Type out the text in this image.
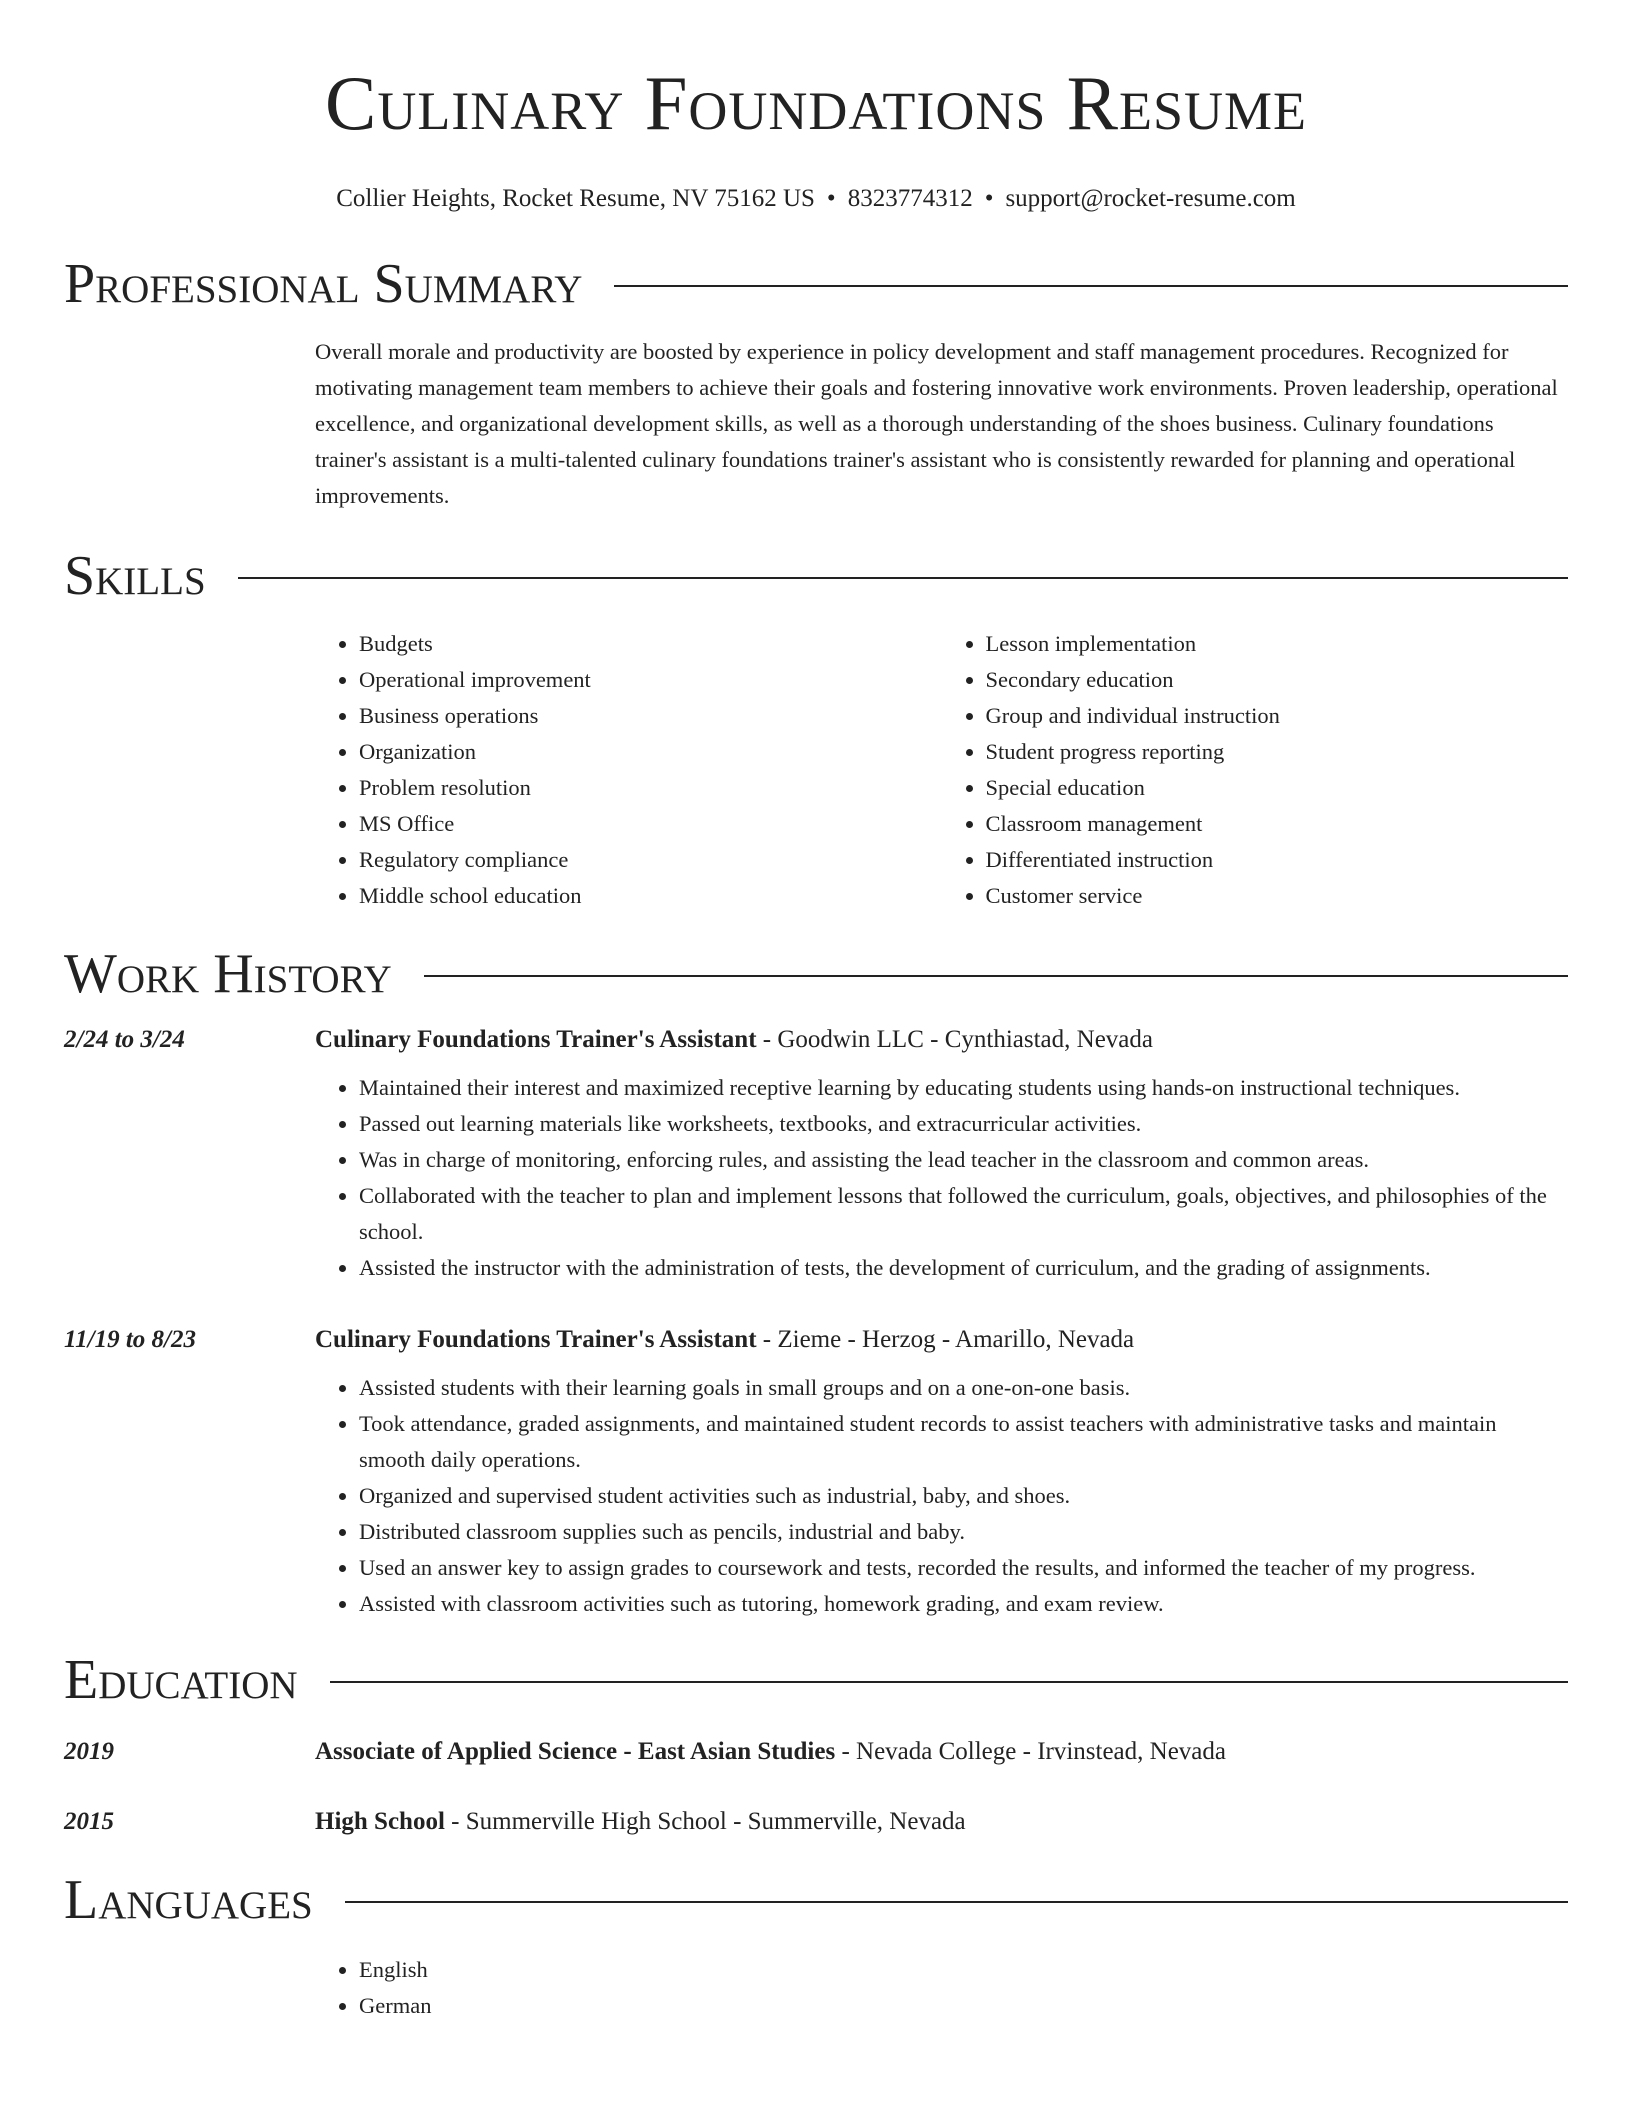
Culinary Foundations Resume
Collier Heights, Rocket Resume, NV 75162 US • 8323774312 • support@rocket-resume.com
Professional Summary
Overall morale and productivity are boosted by experience in policy development and staff management procedures. Recognized for motivating management team members to achieve their goals and fostering innovative work environments. Proven leadership, operational excellence, and organizational development skills, as well as a thorough understanding of the shoes business. Culinary foundations trainer's assistant is a multi-talented culinary foundations trainer's assistant who is consistently rewarded for planning and operational improvements.
Skills
• Budgets
• Operational improvement
• Business operations
• Organization
• Problem resolution
• MS Office
• Regulatory compliance
• Middle school education
• Lesson implementation
• Secondary education
• Group and individual instruction
• Student progress reporting
• Special education
• Classroom management
• Differentiated instruction
• Customer service
Work History
2/24 to 3/24	Culinary Foundations Trainer's Assistant - Goodwin LLC - Cynthiastad, Nevada
• Maintained their interest and maximized receptive learning by educating students using hands-on instructional techniques.
• Passed out learning materials like worksheets, textbooks, and extracurricular activities.
• Was in charge of monitoring, enforcing rules, and assisting the lead teacher in the classroom and common areas.
• Collaborated with the teacher to plan and implement lessons that followed the curriculum, goals, objectives, and philosophies of the school.
• Assisted the instructor with the administration of tests, the development of curriculum, and the grading of assignments.
11/19 to 8/23	Culinary Foundations Trainer's Assistant - Zieme - Herzog - Amarillo, Nevada
• Assisted students with their learning goals in small groups and on a one-on-one basis.
• Took attendance, graded assignments, and maintained student records to assist teachers with administrative tasks and maintain smooth daily operations.
• Organized and supervised student activities such as industrial, baby, and shoes.
• Distributed classroom supplies such as pencils, industrial and baby.
• Used an answer key to assign grades to coursework and tests, recorded the results, and informed the teacher of my progress.
• Assisted with classroom activities such as tutoring, homework grading, and exam review.
Education
2019	Associate of Applied Science - East Asian Studies - Nevada College - Irvinstead, Nevada
2015	High School - Summerville High School - Summerville, Nevada
Languages
• English
• German
